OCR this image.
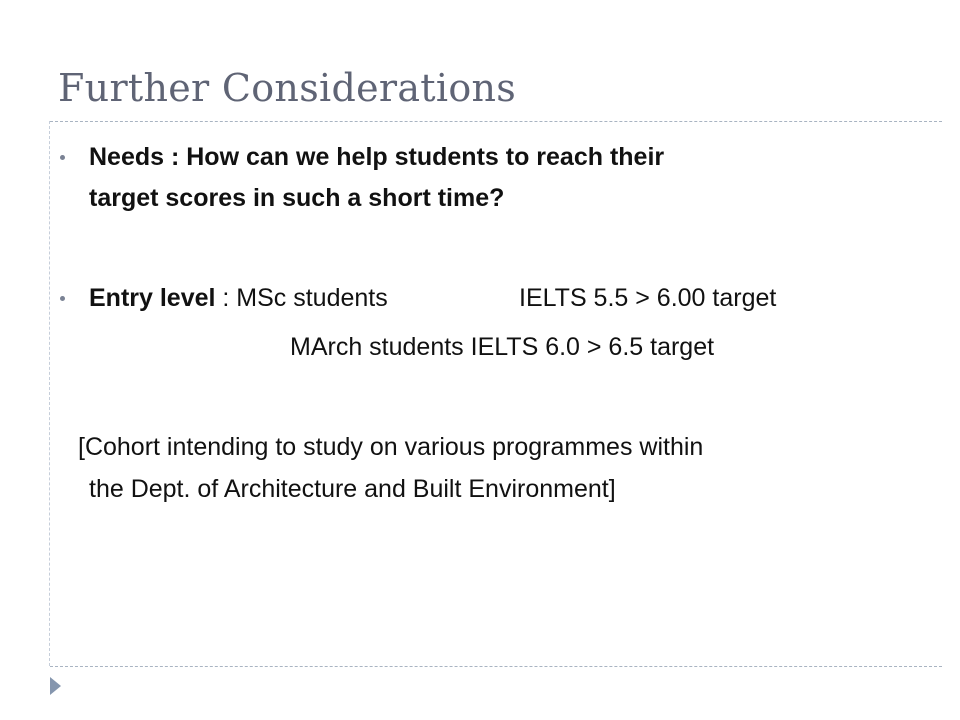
Further Considerations
Needs : How can we help students to reach their
target scores in such a short time?
Entry level : MSc students	IELTS 5.5 > 6.00 target
MArch students IELTS 6.0 > 6.5 target
[Cohort intending to study on various programmes within
the Dept. of Architecture and Built Environment]
